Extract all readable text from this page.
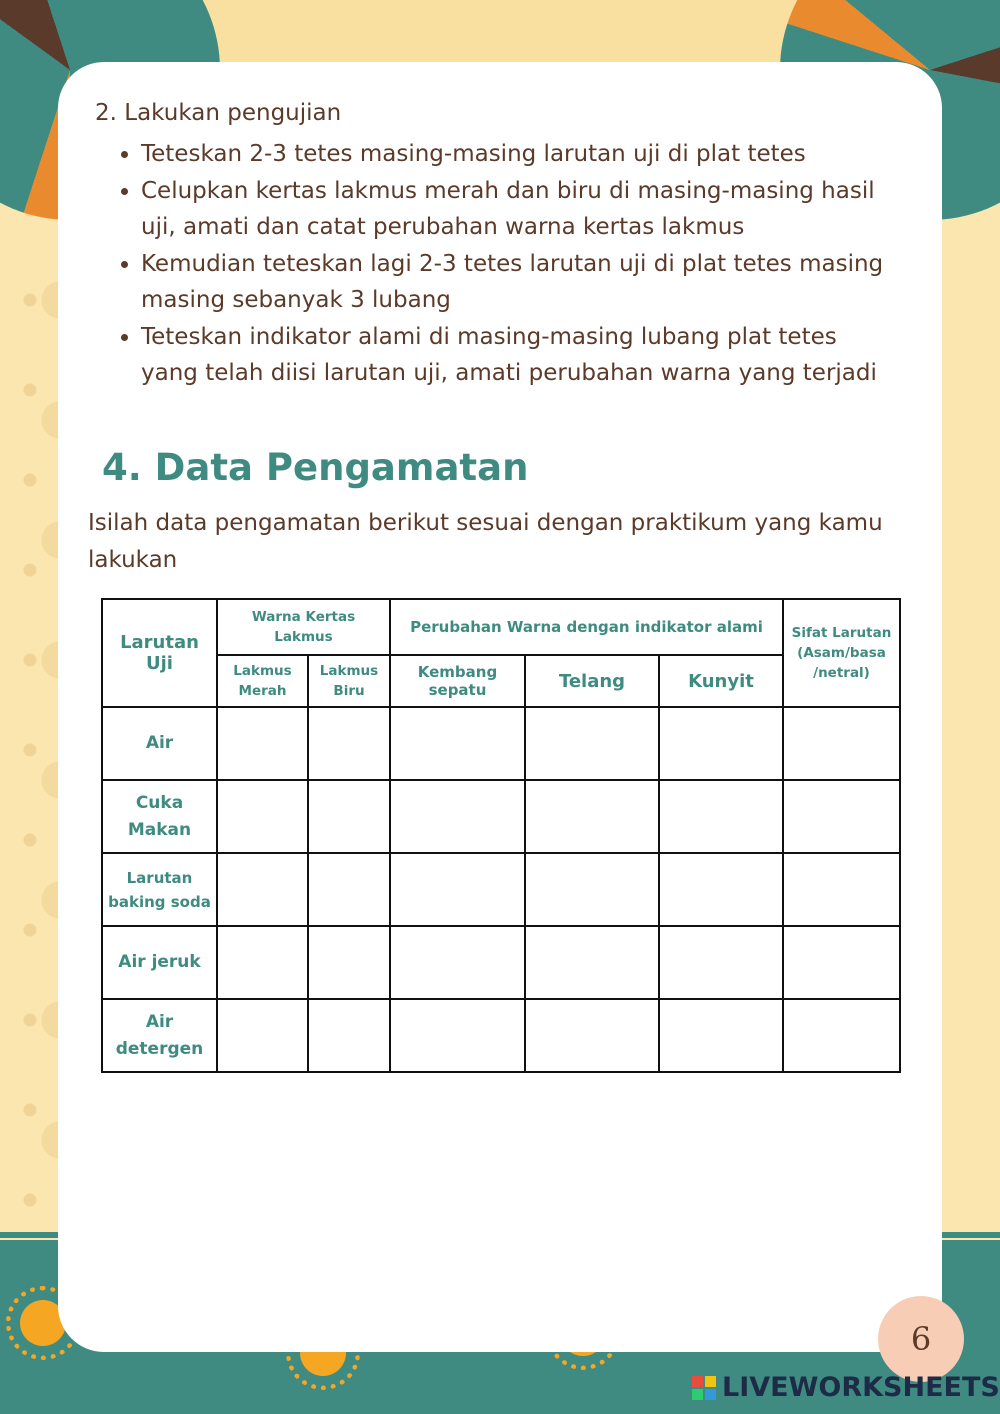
2. Lakukan pengujian

• Teteskan 2-3 tetes masing-masing larutan uji di plat tetes
• Celupkan kertas lakmus merah dan biru di masing-masing hasil uji, amati dan catat perubahan warna kertas lakmus
• Kemudian teteskan lagi 2-3 tetes larutan uji di plat tetes masing masing sebanyak 3 lubang
• Teteskan indikator alami di masing-masing lubang plat tetes yang telah diisi larutan uji, amati perubahan warna yang terjadi
4. Data Pengamatan

Isilah data pengamatan berikut sesuai dengan praktikum yang kamu lakukan

Larutan Uji	Warna Kertas Lakmus		Perubahan Warna dengan indikator alami			Sifat Larutan (Asam/basa /netral)
	Lakmus Merah	Lakmus Biru	Kembang sepatu	Telang	Kunyit	
Air						
Cuka Makan						
Larutan baking soda						
Air jeruk						
Air detergen						
6
LIVEWORKSHEETS
